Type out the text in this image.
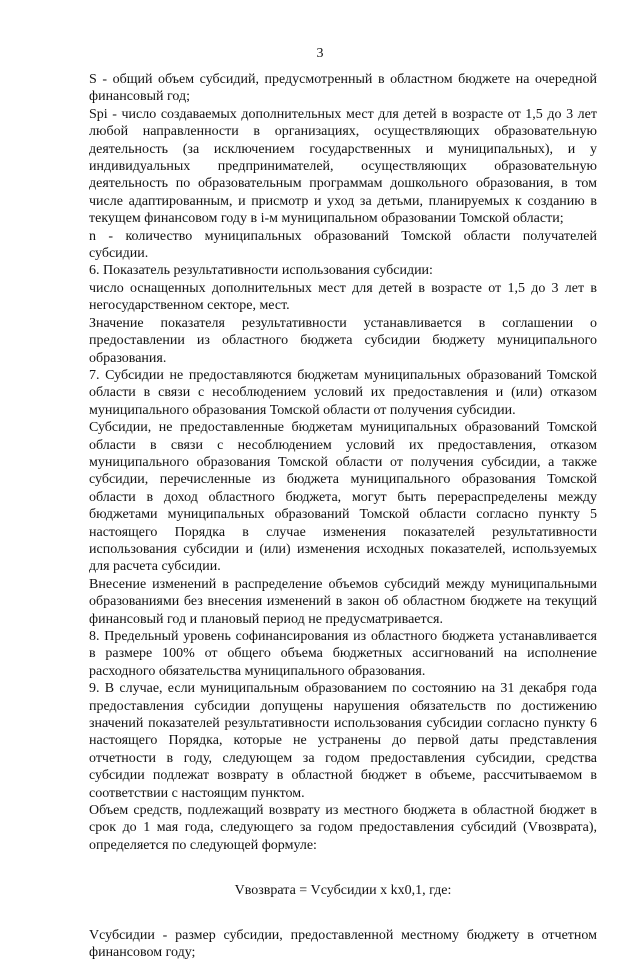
3

S - общий объем субсидий, предусмотренный в областном бюджете на очередной финансовый год;

Spi - число создаваемых дополнительных мест для детей в возрасте от 1,5 до 3 лет любой направленности в организациях, осуществляющих образовательную деятельность (за исключением государственных и муниципальных), и у индивидуальных предпринимателей, осуществляющих образовательную деятельность по образовательным программам дошкольного образования, в том числе адаптированным, и присмотр и уход за детьми, планируемых к созданию в текущем финансовом году в i-м муниципальном образовании Томской области;

n - количество муниципальных образований Томской области получателей субсидии.

6. Показатель результативности использования субсидии:

число оснащенных дополнительных мест для детей в возрасте от 1,5 до 3 лет в негосударственном секторе, мест.

Значение показателя результативности устанавливается в соглашении о предоставлении из областного бюджета субсидии бюджету муниципального образования.

7. Субсидии не предоставляются бюджетам муниципальных образований Томской области в связи с несоблюдением условий их предоставления и (или) отказом муниципального образования Томской области от получения субсидии.

Субсидии, не предоставленные бюджетам муниципальных образований Томской области в связи с несоблюдением условий их предоставления, отказом муниципального образования Томской области от получения субсидии, а также субсидии, перечисленные из бюджета муниципального образования Томской области в доход областного бюджета, могут быть перераспределены между бюджетами муниципальных образований Томской области согласно пункту 5 настоящего Порядка в случае изменения показателей результативности использования субсидии и (или) изменения исходных показателей, используемых для расчета субсидии.

Внесение изменений в распределение объемов субсидий между муниципальными образованиями без внесения изменений в закон об областном бюджете на текущий финансовый год и плановый период не предусматривается.

8. Предельный уровень софинансирования из областного бюджета устанавливается в размере 100% от общего объема бюджетных ассигнований на исполнение расходного обязательства муниципального образования.

9. В случае, если муниципальным образованием по состоянию на 31 декабря года предоставления субсидии допущены нарушения обязательств по достижению значений показателей результативности использования субсидии согласно пункту 6 настоящего Порядка, которые не устранены до первой даты представления отчетности в году, следующем за годом предоставления субсидии, средства субсидии подлежат возврату в областной бюджет в объеме, рассчитываемом в соответствии с настоящим пунктом.

Объем средств, подлежащий возврату из местного бюджета в областной бюджет в срок до 1 мая года, следующего за годом предоставления субсидий (Vвозврата), определяется по следующей формуле:

Vвозврата = Vсубсидии x kx0,1, где:

Vсубсидии - размер субсидии, предоставленной местному бюджету в отчетном финансовом году;
